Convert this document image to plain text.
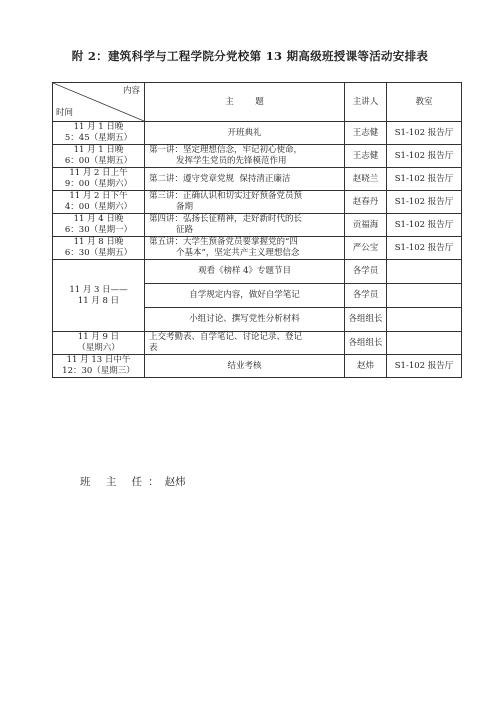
附 2：建筑科学与工程学院分党校第 13 期高级班授课等活动安排表
内容
时间	主        题	主讲人	教室
11 月 1 日晚
5：45（星期五）	开班典礼	王志健	S1-102 报告厅
11 月 1 日晚
6：00（星期五）	第一讲：坚定理想信念，牢记初心使命，
发挥学生党员的先锋模范作用	王志健	S1-102 报告厅
11 月 2 日上午
9：00（星期六）	第二讲：遵守党章党规  保持清正廉洁	赵晓兰	S1-102 报告厅
11 月 2 日下午
4：00（星期六）	第三讲：正确认识和切实过好预备党员预
备期	赵春丹	S1-102 报告厅
11 月 4 日晚
6：30（星期一）	第四讲：弘扬长征精神，走好新时代的长
征路	贡福海	S1-102 报告厅
11 月 8 日晚
6：30（星期五）	第五讲：大学生预备党员要掌握党的“四
个基本”，坚定共产主义理想信念	严公宝	S1-102 报告厅
11 月 3 日——
11 月 8 日	观看《榜样 4》专题节目	各学员	
	自学规定内容，做好自学笔记	各学员	
	小组讨论、撰写党性分析材料	各组组长	
11 月 9 日
（星期六）	上交考勤表、自学笔记、讨论记录、登记
表	各组组长	
11 月 13 日中午
12：30（星期三）	结业考核	赵炜	S1-102 报告厅
班 主 任：赵炜
